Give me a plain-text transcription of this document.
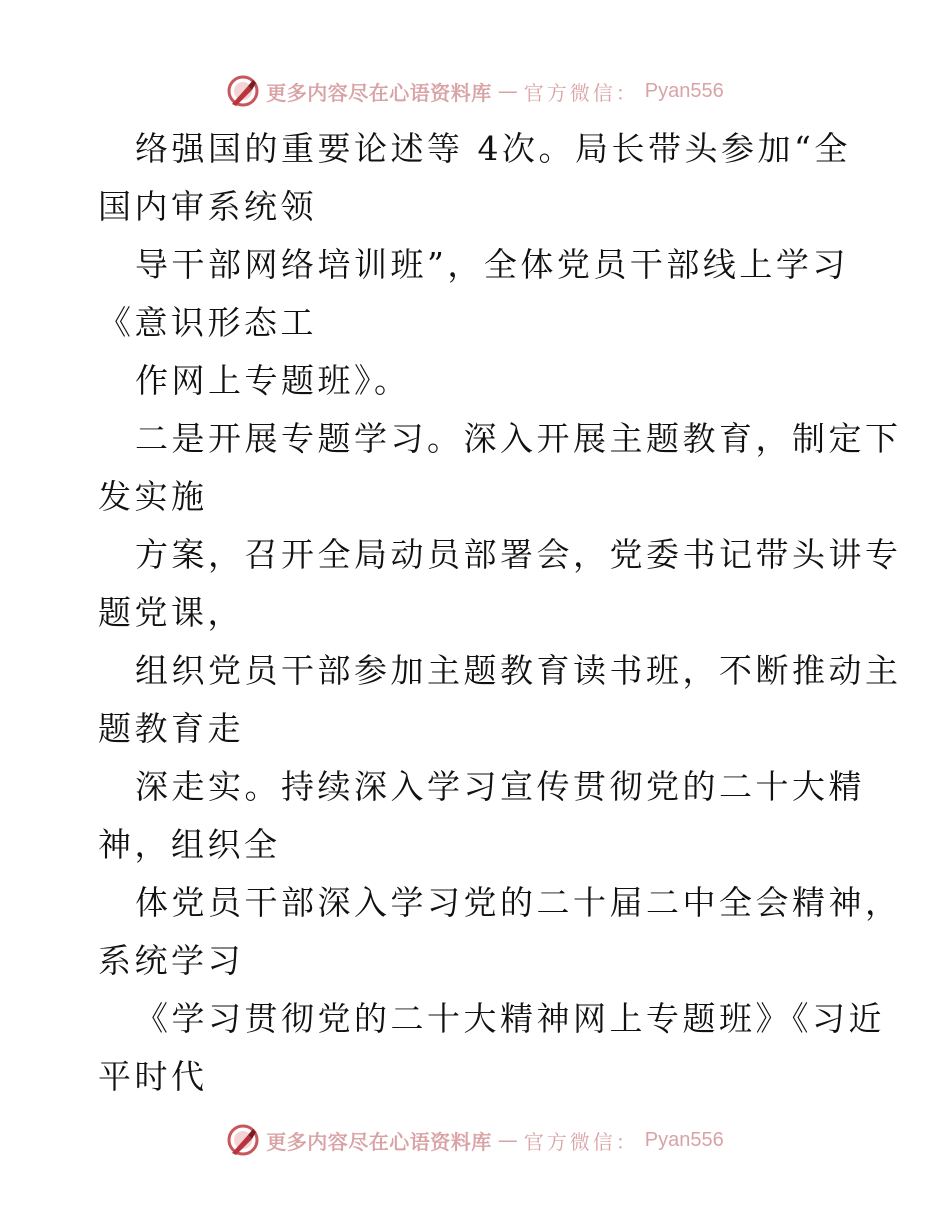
更多内容尽在心语资料库 — 官方微信： Pyan556
络强国的重要论述等 4次。局长带头参加“全
国内审系统领
导干部网络培训班”，全体党员干部线上学习
《意识形态工
作网上专题班》。
二是开展专题学习。深入开展主题教育，制定下
发实施
方案，召开全局动员部署会，党委书记带头讲专
题党课，
组织党员干部参加主题教育读书班，不断推动主
题教育走
深走实。持续深入学习宣传贯彻党的二十大精
神，组织全
体党员干部深入学习党的二十届二中全会精神，
系统学习
《学习贯彻党的二十大精神网上专题班》《习近
平时代
更多内容尽在心语资料库 — 官方微信： Pyan556
